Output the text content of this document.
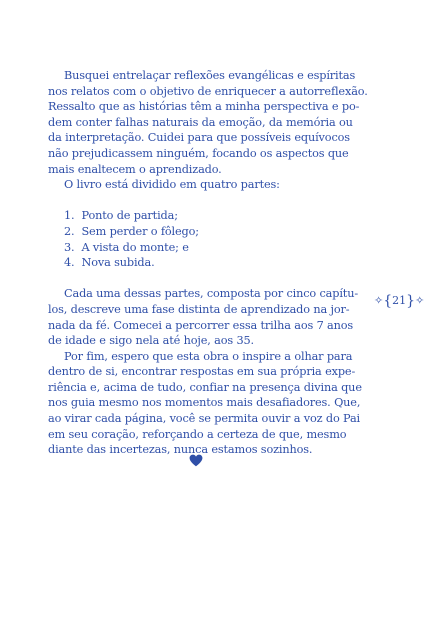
Busquei entrelaçar reflexões evangélicas e espíritas
nos relatos com o objetivo de enriquecer a autorreflexão.
Ressalto que as histórias têm a minha perspectiva e po-
dem conter falhas naturais da emoção, da memória ou
da interpretação. Cuidei para que possíveis equívocos
não prejudicassem ninguém, focando os aspectos que
mais enaltecem o aprendizado.
O livro está dividido em quatro partes:
1. Ponto de partida;
2. Sem perder o fôlego;
3. A vista do monte; e
4. Nova subida.
Cada uma dessas partes, composta por cinco capítu-
los, descreve uma fase distinta de aprendizado na jor-
nada da fé. Comecei a percorrer essa trilha aos 7 anos
de idade e sigo nela até hoje, aos 35.
Por fim, espero que esta obra o inspire a olhar para
dentro de si, encontrar respostas em sua própria expe-
riência e, acima de tudo, confiar na presença divina que
nos guia mesmo nos momentos mais desafiadores. Que,
ao virar cada página, você se permita ouvir a voz do Pai
em seu coração, reforçando a certeza de que, mesmo
diante das incertezas, nunca estamos sozinhos.
✧{21}✧
